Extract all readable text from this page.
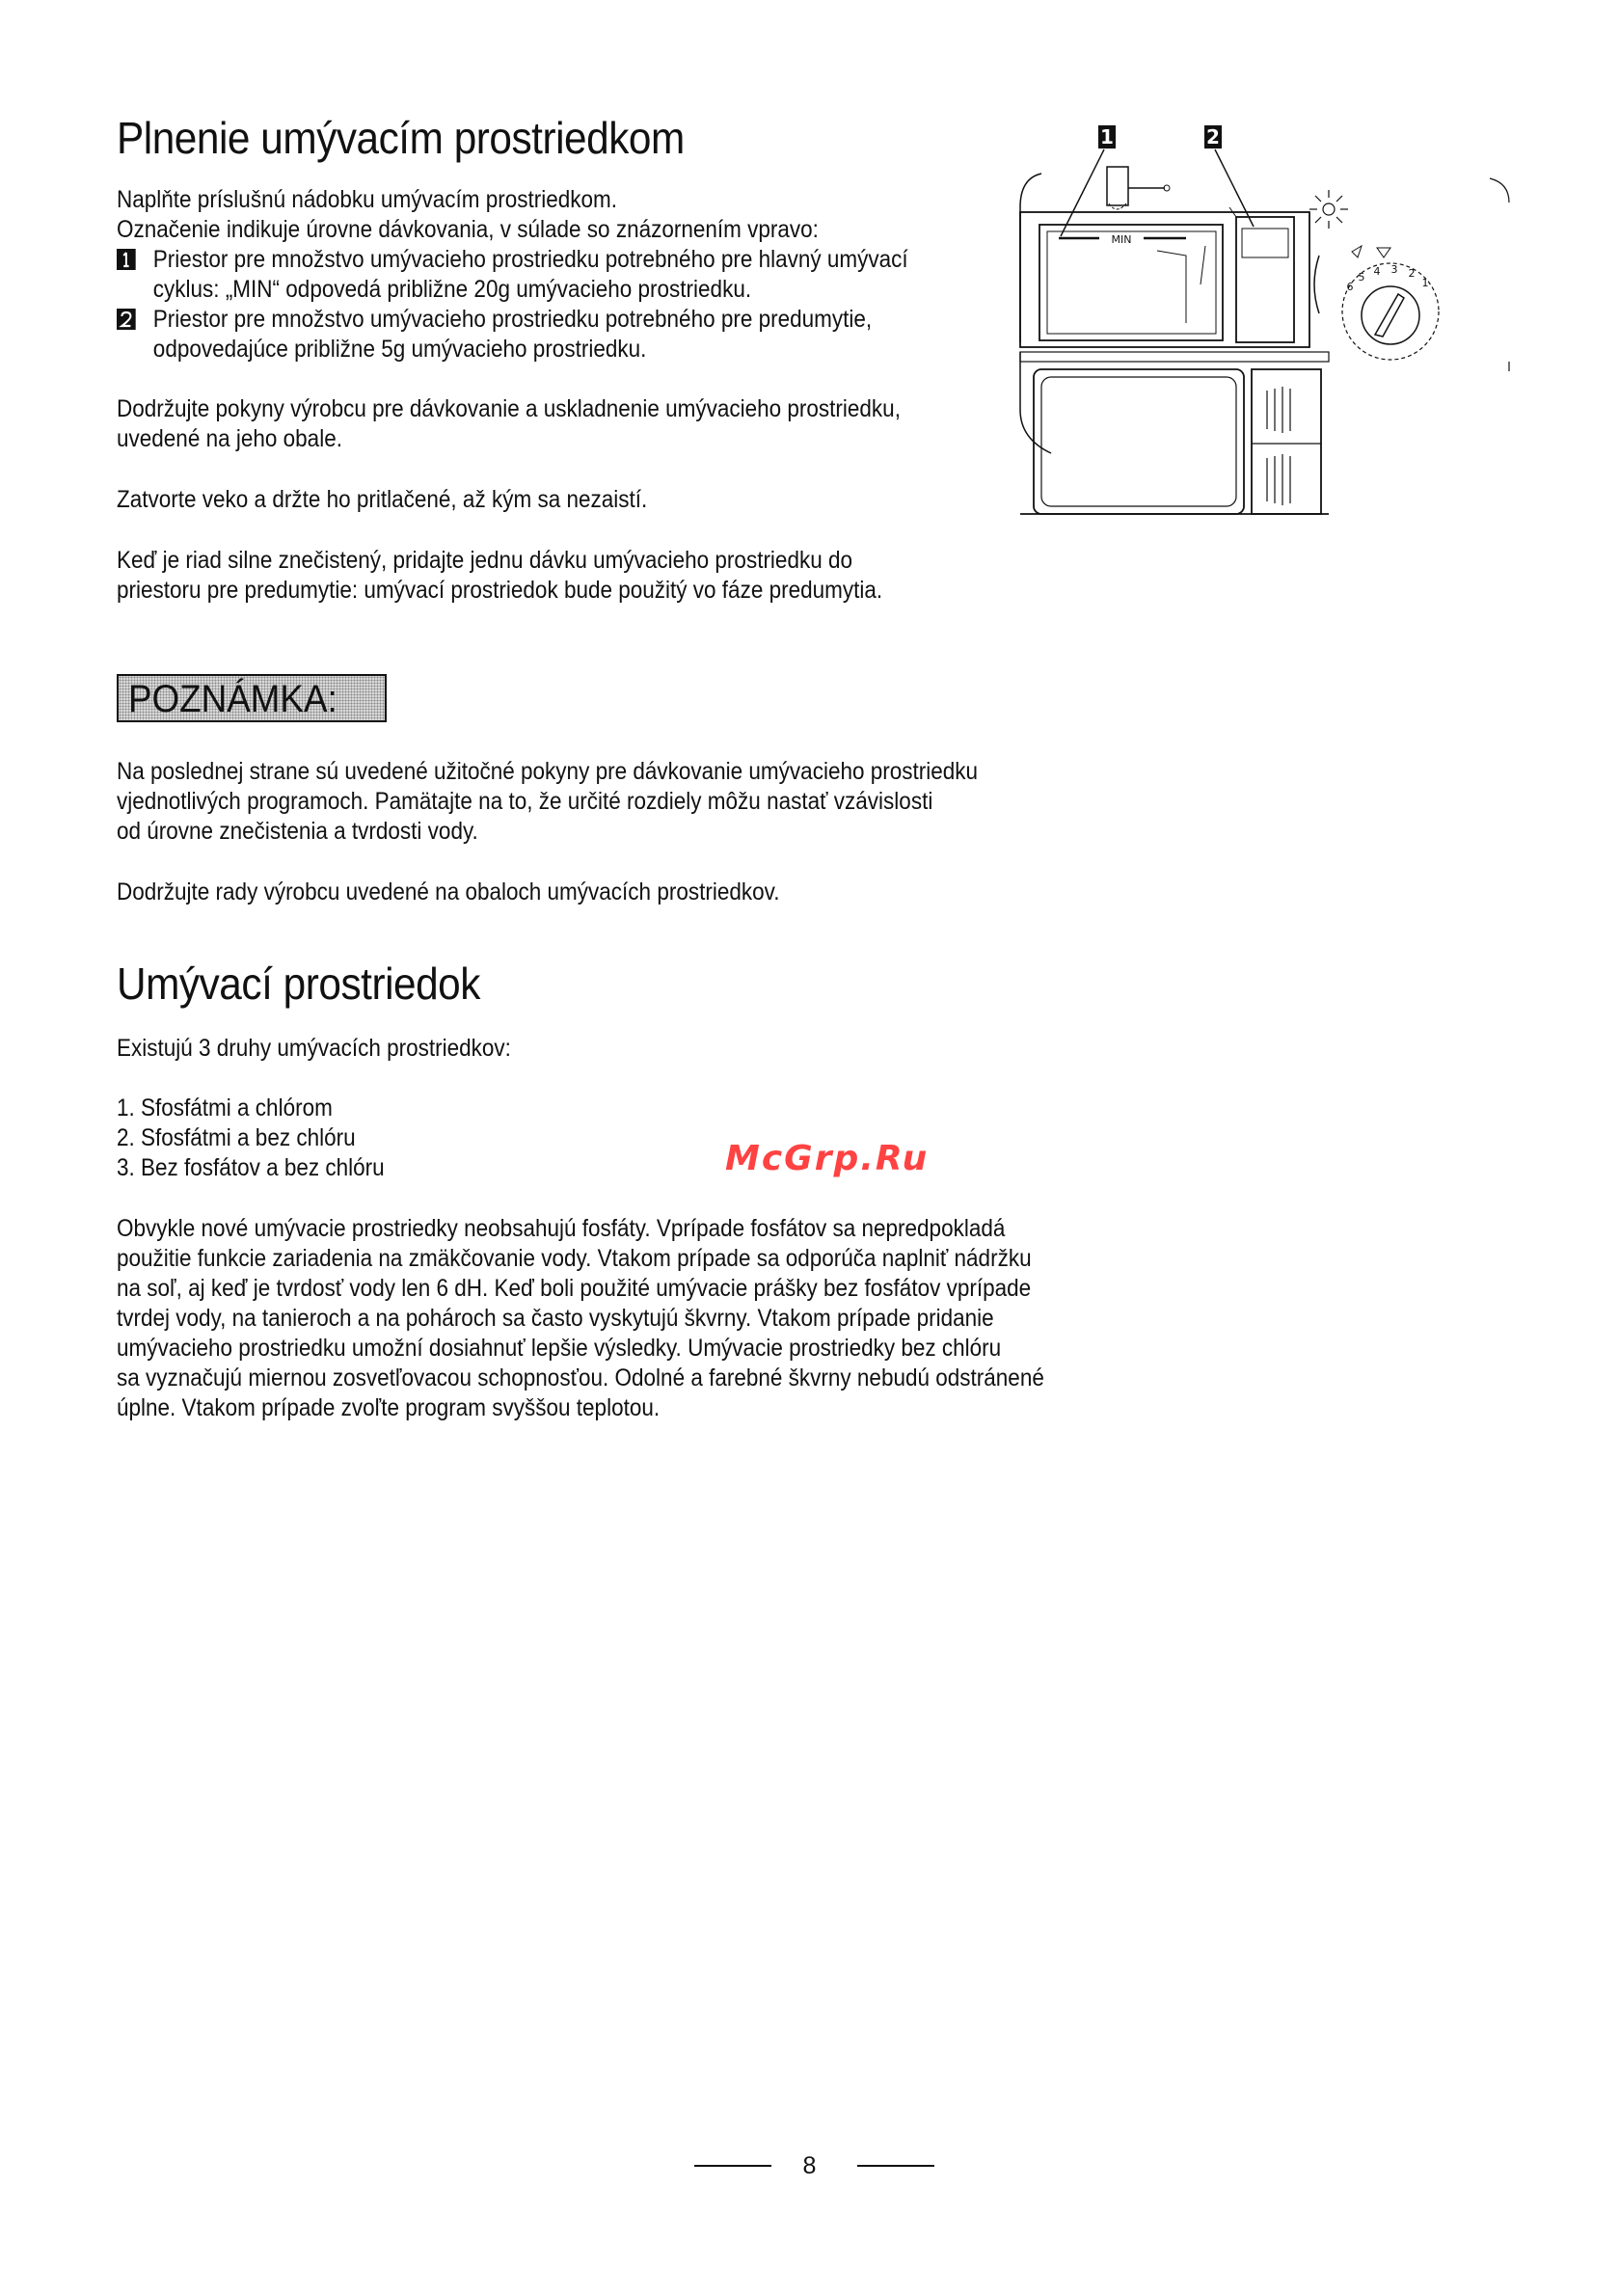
Plnenie umývacím prostriedkom

Naplňte príslušnú nádobku umývacím prostriedkom.

Označenie indikuje úrovne dávkovania, v súlade so znázornením vpravo:

Priestor pre množstvo umývacieho prostriedku potrebného pre hlavný umývací
cyklus: „MIN“ odpovedá približne 20g umývacieho prostriedku.
Priestor pre množstvo umývacieho prostriedku potrebného pre predumytie,
odpovedajúce približne 5g umývacieho prostriedku.

Dodržujte pokyny výrobcu pre dávkovanie a uskladnenie umývacieho prostriedku,

uvedené na jeho obale.

Zatvorte veko a držte ho pritlačené, až kým sa nezaistí.

Keď je riad silne znečistený, pridajte jednu dávku umývacieho prostriedku do

priestoru pre predumytie: umývací prostriedok bude použitý vo fáze predumytia.

1	2
MIN
6
5 4 3 2
1
POZNÁMKA:

Na poslednej strane sú uvedené užitočné pokyny pre dávkovanie umývacieho prostriedku

vjednotlivých programoch. Pamätajte na to, že určité rozdiely môžu nastať vzávislosti

od úrovne znečistenia a tvrdosti vody.

Dodržujte rady výrobcu uvedené na obaloch umývacích prostriedkov.

Umývací prostriedok

Existujú 3 druhy umývacích prostriedkov:

1. Sfosfátmi a chlórom

2. Sfosfátmi a bez chlóru

3. Bez fosfátov a bez chlóru	McGrp.Ru

Obvykle nové umývacie prostriedky neobsahujú fosfáty. Vprípade fosfátov sa nepredpokladá

použitie funkcie zariadenia na zmäkčovanie vody. Vtakom prípade sa odporúča naplniť nádržku

na soľ, aj keď je tvrdosť vody len 6 dH. Keď boli použité umývacie prášky bez fosfátov vprípade

tvrdej vody, na tanieroch a na pohároch sa často vyskytujú škvrny. Vtakom prípade pridanie

umývacieho prostriedku umožní dosiahnuť lepšie výsledky. Umývacie prostriedky bez chlóru

sa vyznačujú miernou zosvetľovacou schopnosťou. Odolné a farebné škvrny nebudú odstránené

úplne. Vtakom prípade zvoľte program svyššou teplotou.

8
